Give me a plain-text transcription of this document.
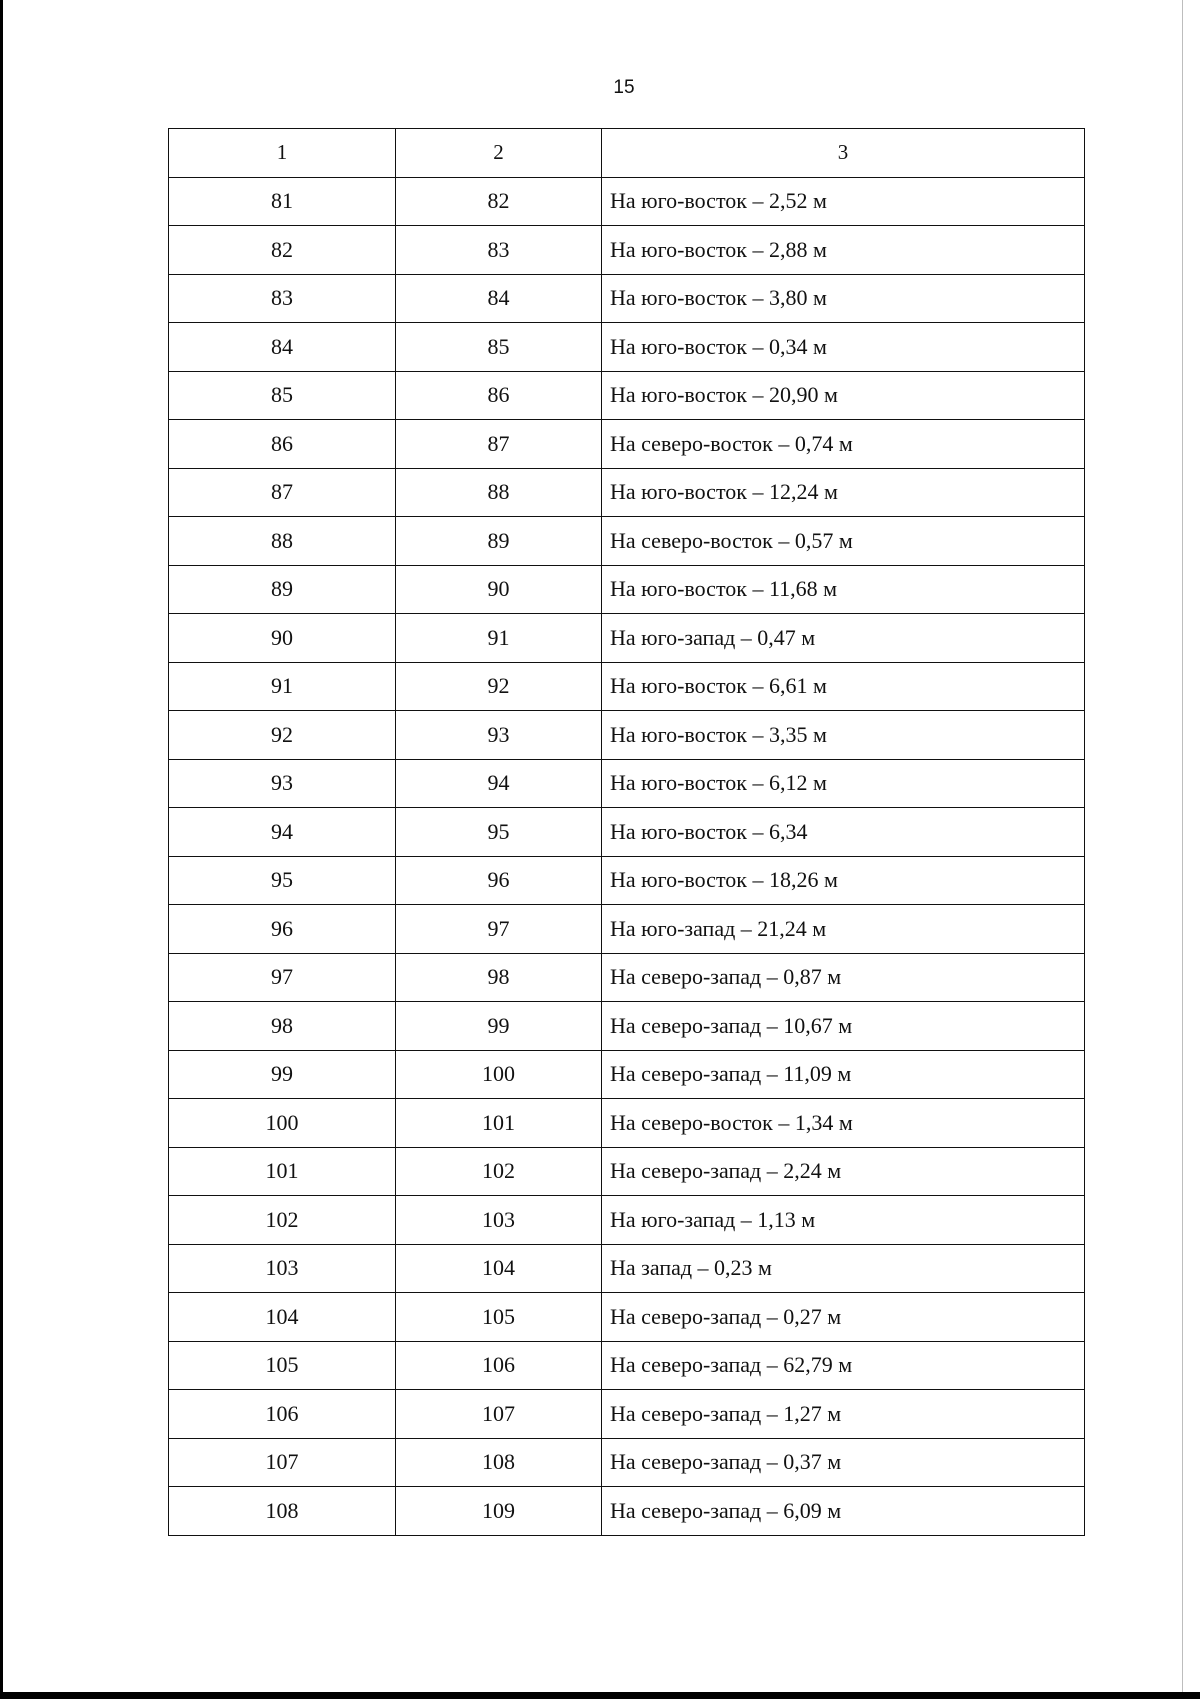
15
1	2	3
81	82	На юго-восток – 2,52 м
82	83	На юго-восток – 2,88 м
83	84	На юго-восток – 3,80 м
84	85	На юго-восток – 0,34 м
85	86	На юго-восток – 20,90 м
86	87	На северо-восток – 0,74 м
87	88	На юго-восток – 12,24 м
88	89	На северо-восток – 0,57 м
89	90	На юго-восток – 11,68 м
90	91	На юго-запад – 0,47 м
91	92	На юго-восток – 6,61 м
92	93	На юго-восток – 3,35 м
93	94	На юго-восток – 6,12 м
94	95	На юго-восток – 6,34
95	96	На юго-восток – 18,26 м
96	97	На юго-запад – 21,24 м
97	98	На северо-запад – 0,87 м
98	99	На северо-запад – 10,67 м
99	100	На северо-запад – 11,09 м
100	101	На северо-восток – 1,34 м
101	102	На северо-запад – 2,24 м
102	103	На юго-запад – 1,13 м
103	104	На запад – 0,23 м
104	105	На северо-запад – 0,27 м
105	106	На северо-запад – 62,79 м
106	107	На северо-запад – 1,27 м
107	108	На северо-запад – 0,37 м
108	109	На северо-запад – 6,09 м
